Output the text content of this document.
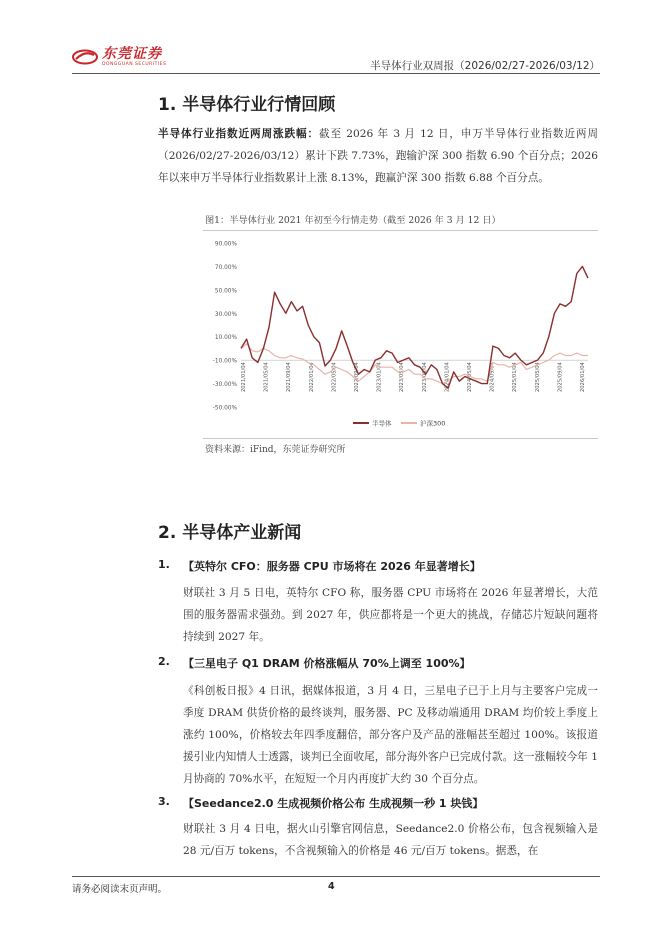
东莞证券
DONGGUAN SECURITIES	半导体行业双周报（2026/02/27-2026/03/12）
1. 半导体行业行情回顾
半导体行业指数近两周涨跌幅：截至 2026 年 3 月 12 日，申万半导体行业指数近两周（2026/02/27-2026/03/12）累计下跌 7.73%，跑输沪深 300 指数 6.90 个百分点；2026 年以来申万半导体行业指数累计上涨 8.13%，跑赢沪深 300 指数 6.88 个百分点。
图1：半导体行业 2021 年初至今行情走势（截至 2026 年 3 月 12 日）
90.00%
70.00%
50.00%
30.00%
10.00%
-10.00%
-30.00%
-50.00%
2021/01/04	2021/05/04	2021/09/04	2022/01/04	2022/05/04	2022/09/04	2023/01/04	2023/05/04	2023/09/04	2024/01/04	2024/05/04	2024/09/04	2025/01/04	2025/05/04	2025/09/04	2026/01/04
半导体	沪深300
资料来源：iFind，东莞证券研究所
2. 半导体产业新闻
1. 【英特尔 CFO：服务器 CPU 市场将在 2026 年显著增长】
财联社 3 月 5 日电，英特尔 CFO 称，服务器 CPU 市场将在 2026 年显著增长，大范围的服务器需求强劲。到 2027 年，供应都将是一个更大的挑战，存储芯片短缺问题将持续到 2027 年。
2. 【三星电子 Q1 DRAM 价格涨幅从 70%上调至 100%】
《科创板日报》4 日讯，据媒体报道，3 月 4 日，三星电子已于上月与主要客户完成一季度 DRAM 供货价格的最终谈判，服务器、PC 及移动端通用 DRAM 均价较上季度上涨约 100%，价格较去年四季度翻倍，部分客户及产品的涨幅甚至超过 100%。该报道援引业内知情人士透露，谈判已全面收尾，部分海外客户已完成付款。这一涨幅较今年 1 月协商的 70%水平，在短短一个月内再度扩大约 30 个百分点。
3. 【Seedance2.0 生成视频价格公布 生成视频一秒 1 块钱】
财联社 3 月 4 日电，据火山引擎官网信息，Seedance2.0 价格公布，包含视频输入是 28 元/百万 tokens，不含视频输入的价格是 46 元/百万 tokens。据悉，在
请务必阅读末页声明。	4
